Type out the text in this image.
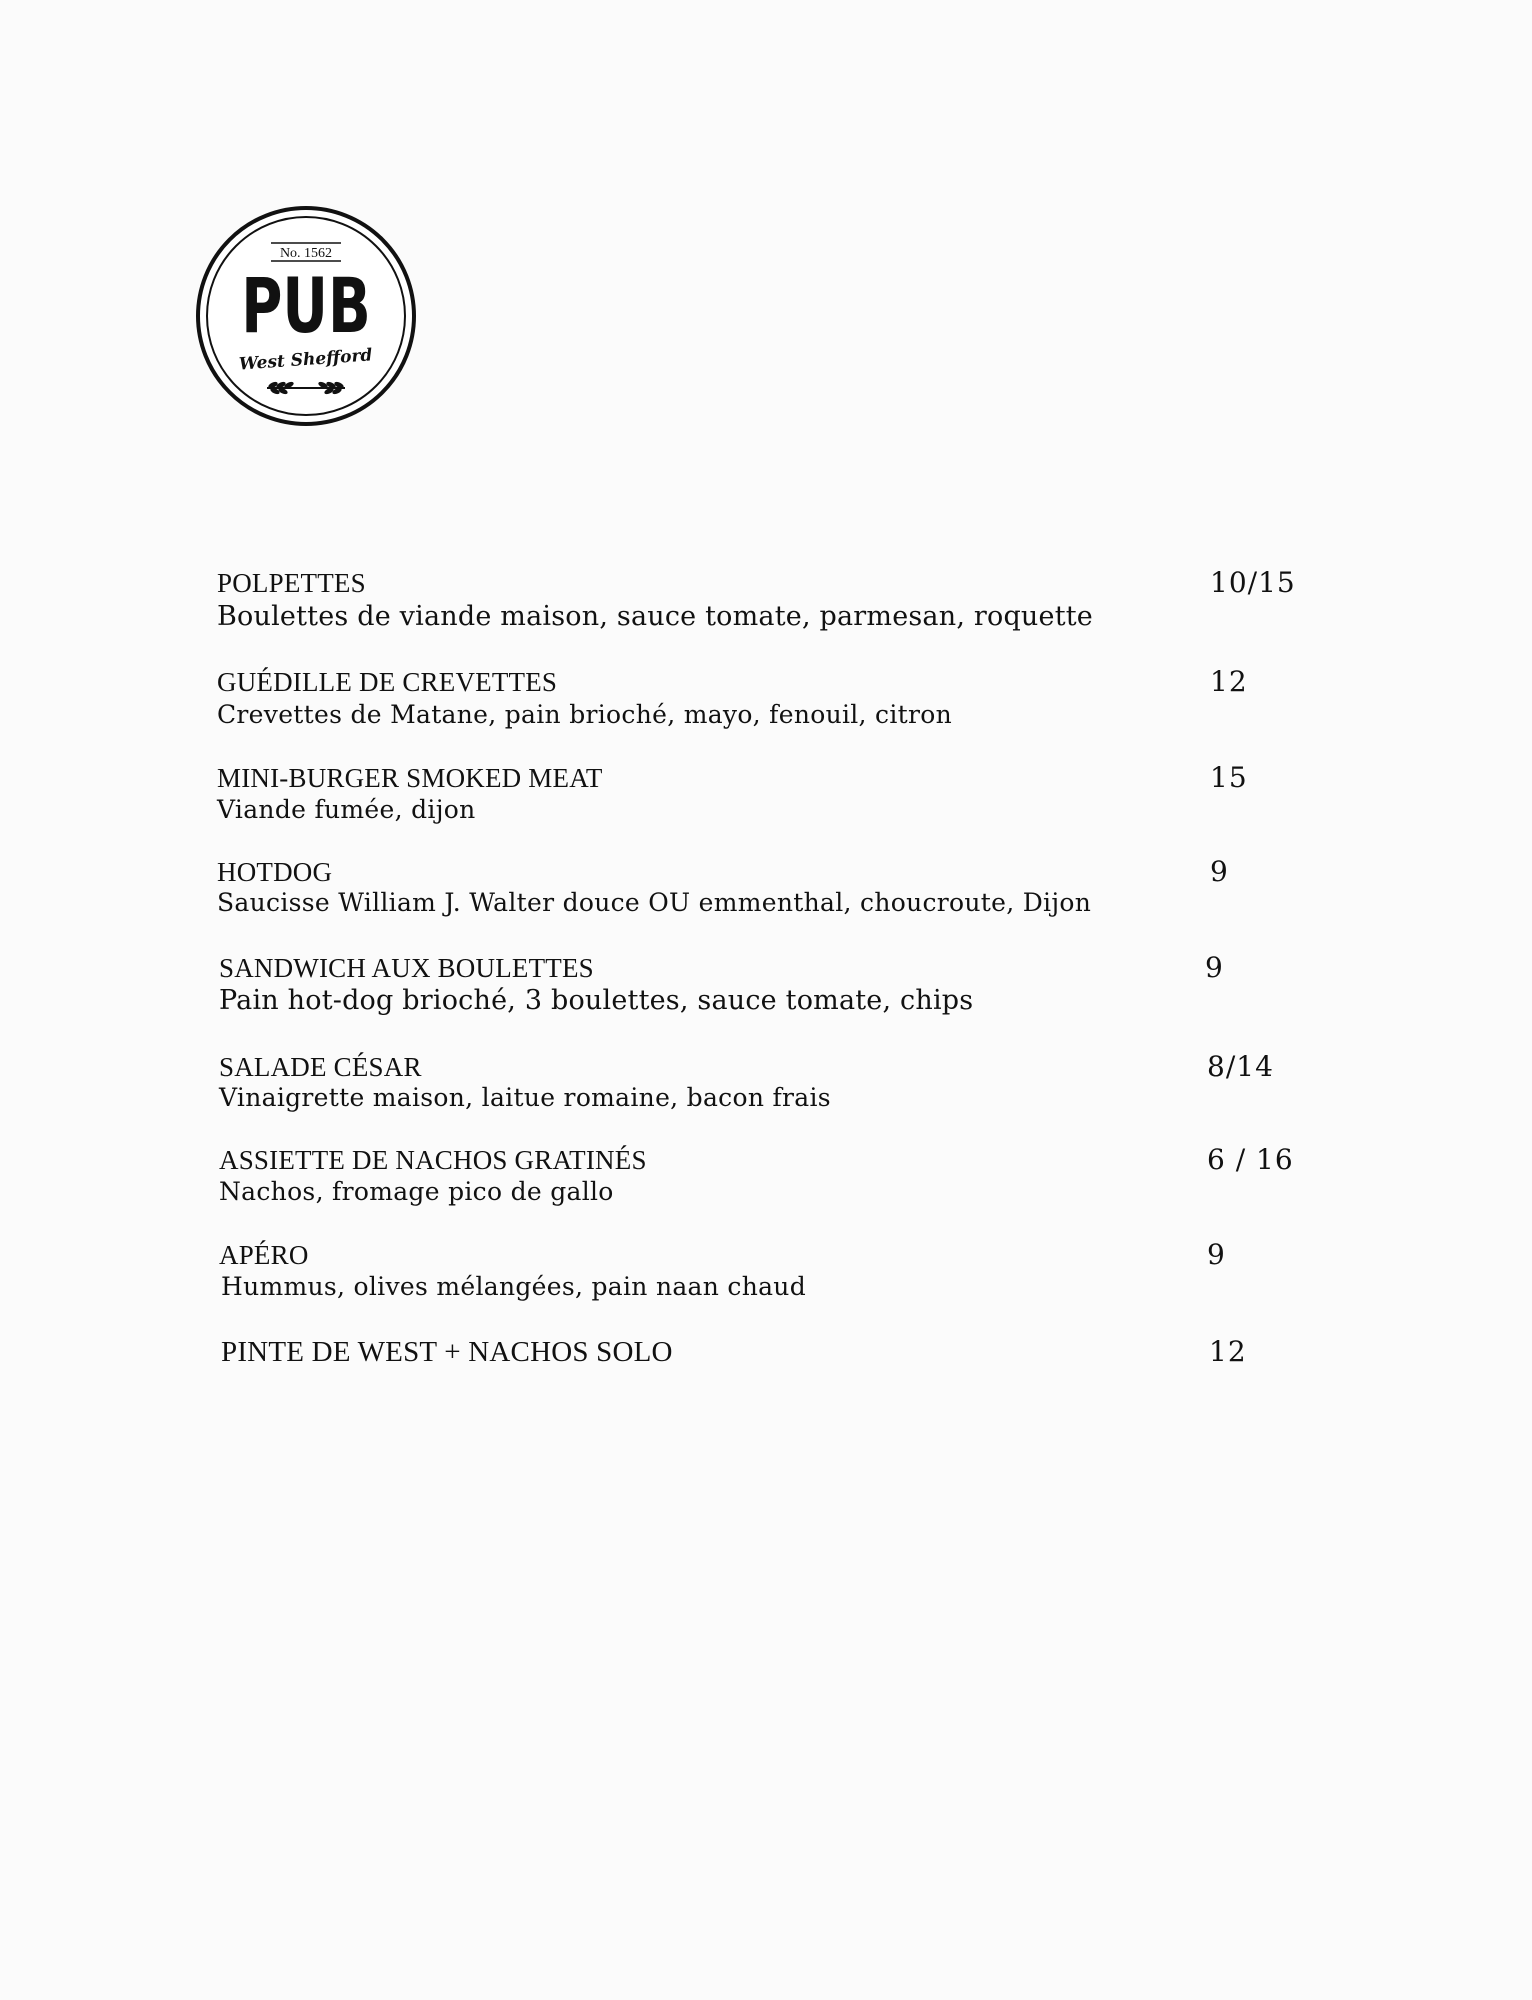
No. 1562
PUB
West Shefford
POLPETTES
Boulettes de viande maison, sauce tomate, parmesan, roquette
10/15
GUÉDILLE DE CREVETTES
Crevettes de Matane, pain brioché, mayo, fenouil, citron
12
MINI-BURGER SMOKED MEAT
Viande fumée, dijon
15
HOTDOG
Saucisse William J. Walter douce OU emmenthal, choucroute, Dijon
9
SANDWICH AUX BOULETTES
Pain hot-dog brioché, 3 boulettes, sauce tomate, chips
9
SALADE CÉSAR
Vinaigrette maison, laitue romaine, bacon frais
8/14
ASSIETTE DE NACHOS GRATINÉS
Nachos, fromage pico de gallo
6 / 16
APÉRO
Hummus, olives mélangées, pain naan chaud
9
PINTE DE WEST + NACHOS SOLO	12
